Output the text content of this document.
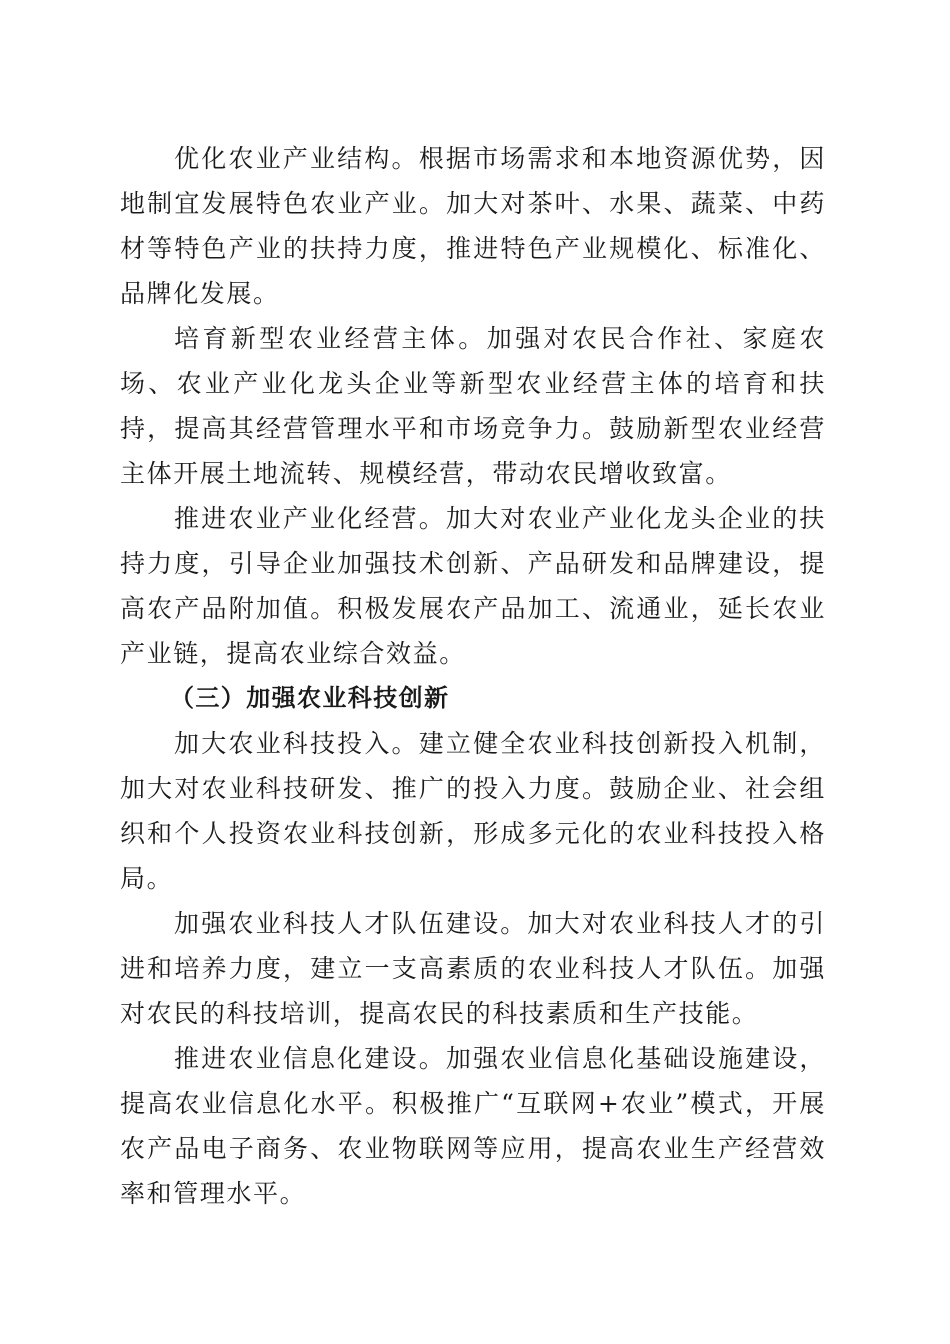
优化农业产业结构。根据市场需求和本地资源优势，因地制宜发展特色农业产业。加大对茶叶、水果、蔬菜、中药材等特色产业的扶持力度，推进特色产业规模化、标准化、品牌化发展。

培育新型农业经营主体。加强对农民合作社、家庭农场、农业产业化龙头企业等新型农业经营主体的培育和扶持，提高其经营管理水平和市场竞争力。鼓励新型农业经营主体开展土地流转、规模经营，带动农民增收致富。

推进农业产业化经营。加大对农业产业化龙头企业的扶持力度，引导企业加强技术创新、产品研发和品牌建设，提高农产品附加值。积极发展农产品加工、流通业，延长农业产业链，提高农业综合效益。

（三）加强农业科技创新

加大农业科技投入。建立健全农业科技创新投入机制，加大对农业科技研发、推广的投入力度。鼓励企业、社会组织和个人投资农业科技创新，形成多元化的农业科技投入格局。

加强农业科技人才队伍建设。加大对农业科技人才的引进和培养力度，建立一支高素质的农业科技人才队伍。加强对农民的科技培训，提高农民的科技素质和生产技能。

推进农业信息化建设。加强农业信息化基础设施建设，提高农业信息化水平。积极推广“互联网+农业”模式，开展农产品电子商务、农业物联网等应用，提高农业生产经营效率和管理水平。
